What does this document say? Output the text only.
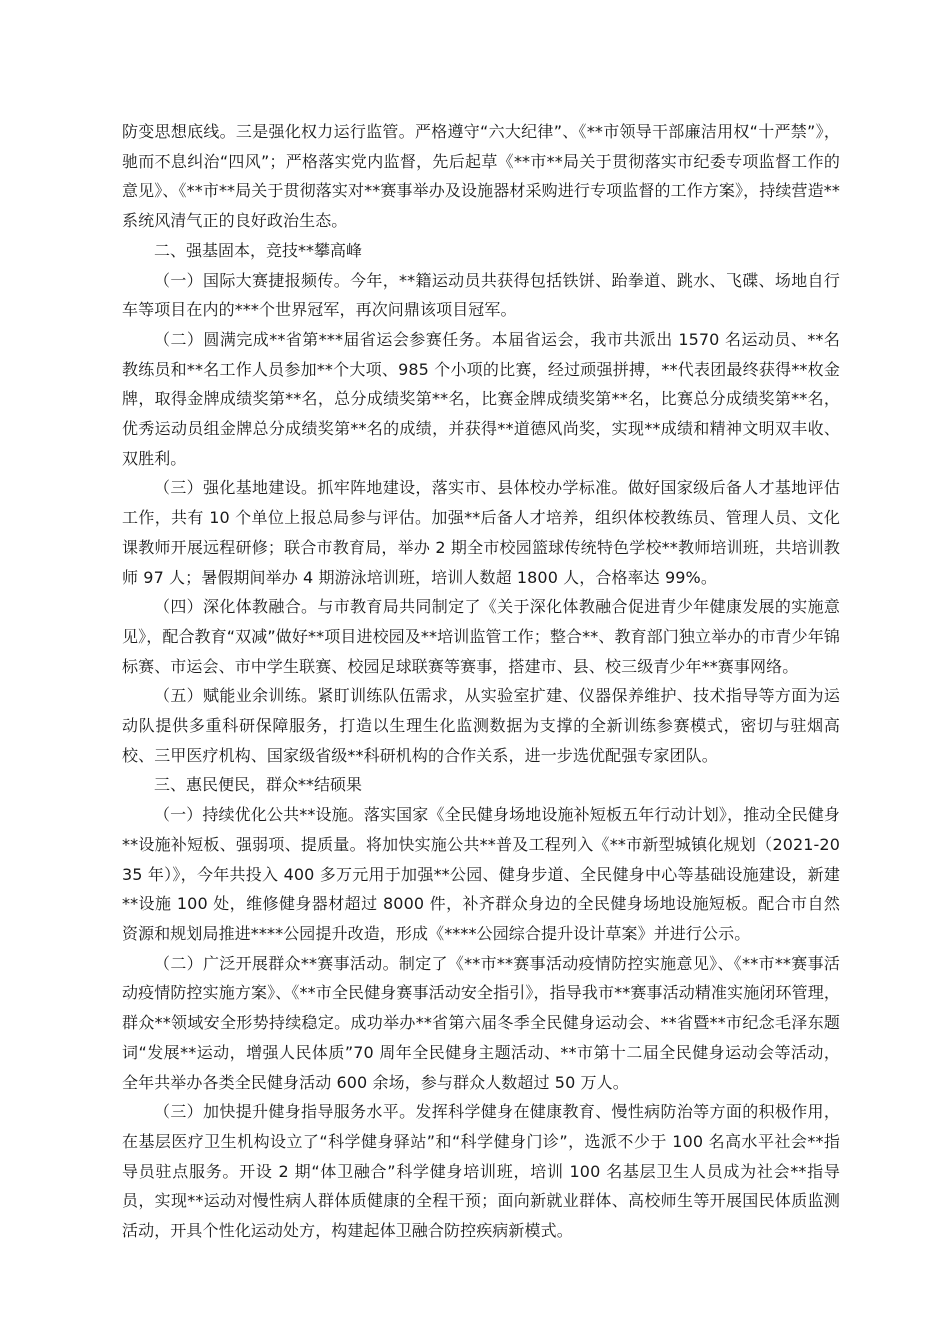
防变思想底线。三是强化权力运行监管。严格遵守“六大纪律”、《**市领导干部廉洁用权“十严禁”》，驰而不息纠治“四风”；严格落实党内监督，先后起草《**市**局关于贯彻落实市纪委专项监督工作的意见》、《**市**局关于贯彻落实对**赛事举办及设施器材采购进行专项监督的工作方案》，持续营造**系统风清气正的良好政治生态。

二、强基固本，竞技**攀高峰

（一）国际大赛捷报频传。今年，**籍运动员共获得包括铁饼、跆拳道、跳水、飞碟、场地自行车等项目在内的***个世界冠军，再次问鼎该项目冠军。

（二）圆满完成**省第***届省运会参赛任务。本届省运会，我市共派出 1570 名运动员、**名教练员和**名工作人员参加**个大项、985 个小项的比赛，经过顽强拼搏，**代表团最终获得**枚金牌，取得金牌成绩奖第**名，总分成绩奖第**名，比赛金牌成绩奖第**名，比赛总分成绩奖第**名，优秀运动员组金牌总分成绩奖第**名的成绩，并获得**道德风尚奖，实现**成绩和精神文明双丰收、双胜利。

（三）强化基地建设。抓牢阵地建设，落实市、县体校办学标准。做好国家级后备人才基地评估工作，共有 10 个单位上报总局参与评估。加强**后备人才培养，组织体校教练员、管理人员、文化课教师开展远程研修；联合市教育局，举办 2 期全市校园篮球传统特色学校**教师培训班，共培训教师 97 人；暑假期间举办 4 期游泳培训班，培训人数超 1800 人，合格率达 99%。

（四）深化体教融合。与市教育局共同制定了《关于深化体教融合促进青少年健康发展的实施意见》，配合教育“双减”做好**项目进校园及**培训监管工作；整合**、教育部门独立举办的市青少年锦标赛、市运会、市中学生联赛、校园足球联赛等赛事，搭建市、县、校三级青少年**赛事网络。

（五）赋能业余训练。紧盯训练队伍需求，从实验室扩建、仪器保养维护、技术指导等方面为运动队提供多重科研保障服务，打造以生理生化监测数据为支撑的全新训练参赛模式，密切与驻烟高校、三甲医疗机构、国家级省级**科研机构的合作关系，进一步选优配强专家团队。

三、惠民便民，群众**结硕果

（一）持续优化公共**设施。落实国家《全民健身场地设施补短板五年行动计划》，推动全民健身**设施补短板、强弱项、提质量。将加快实施公共**普及工程列入《**市新型城镇化规划（2021-2035 年）》，今年共投入 400 多万元用于加强**公园、健身步道、全民健身中心等基础设施建设，新建**设施 100 处，维修健身器材超过 8000 件，补齐群众身边的全民健身场地设施短板。配合市自然资源和规划局推进****公园提升改造，形成《****公园综合提升设计草案》并进行公示。

（二）广泛开展群众**赛事活动。制定了《**市**赛事活动疫情防控实施意见》、《**市**赛事活动疫情防控实施方案》、《**市全民健身赛事活动安全指引》，指导我市**赛事活动精准实施闭环管理，群众**领域安全形势持续稳定。成功举办**省第六届冬季全民健身运动会、**省暨**市纪念毛泽东题词“发展**运动，增强人民体质”70 周年全民健身主题活动、**市第十二届全民健身运动会等活动，全年共举办各类全民健身活动 600 余场，参与群众人数超过 50 万人。

（三）加快提升健身指导服务水平。发挥科学健身在健康教育、慢性病防治等方面的积极作用，在基层医疗卫生机构设立了“科学健身驿站”和“科学健身门诊”，选派不少于 100 名高水平社会**指导员驻点服务。开设 2 期“体卫融合”科学健身培训班，培训 100 名基层卫生人员成为社会**指导员，实现**运动对慢性病人群体质健康的全程干预；面向新就业群体、高校师生等开展国民体质监测活动，开具个性化运动处方，构建起体卫融合防控疾病新模式。
